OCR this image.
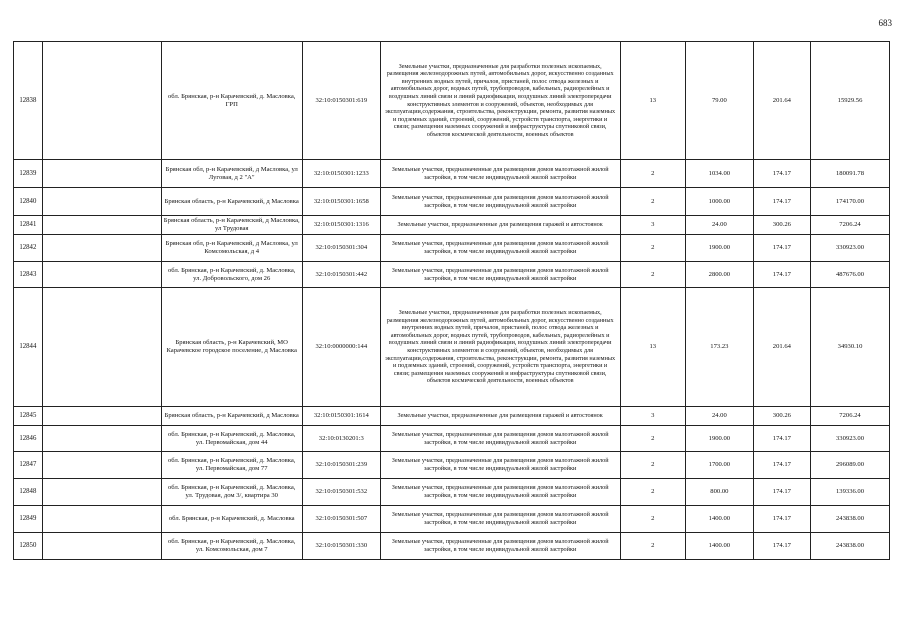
683
12838		обл. Брянская, р-н Карачевский, д. Масловка, ГРП	32:10:0150301:619	Земельные участки, предназначенные для разработки полезных ископаемых, размещения железнодорожных путей, автомобильных дорог, искусственно созданных внутренних водных путей, причалов, пристаней, полос отвода железных и автомобильных дорог, водных путей, трубопроводов, кабельных, радиорелейных и воздушных линий связи и линий радиофикации, воздушных линий электропередачи конструктивных элементов и сооружений, объектов, необходимых для эксплуатации,содержания, строительства, реконструкции, ремонта, развития наземных и подземных зданий, строений, сооружений, устройств транспорта, энергетики и связи; размещения наземных сооружений и инфраструктуры спутниковой связи, объектов космической деятельности, военных объектов	13	79.00	201.64	15929.56
12839		Брянская обл, р-н Карачевский, д Масловка, ул Луговая, д 2 "А"	32:10:0150301:1233	Земельные участки, предназначенные для размещения домов малоэтажной жилой застройки, в том числе индивидуальной жилой застройки	2	1034.00	174.17	180091.78
12840		Брянская область, р-н Карачевский, д Масловка	32:10:0150301:1658	Земельные участки, предназначенные для размещения домов малоэтажной жилой застройки, в том числе индивидуальной жилой застройки	2	1000.00	174.17	174170.00
12841		Брянская область, р-н Карачевский, д Масловка, ул Трудовая	32:10:0150301:1316	Земельные участки, предназначенные для размещения гаражей и автостоянок	3	24.00	300.26	7206.24
12842		Брянская обл, р-н Карачевский, д Масловка, ул Комсомольская, д 4	32:10:0150301:304	Земельные участки, предназначенные для размещения домов малоэтажной жилой застройки, в том числе индивидуальной жилой застройки	2	1900.00	174.17	330923.00
12843		обл. Брянская, р-н Карачевский, д. Масловка, ул. Добровольского, дом 26	32:10:0150301:442	Земельные участки, предназначенные для размещения домов малоэтажной жилой застройки, в том числе индивидуальной жилой застройки	2	2800.00	174.17	487676.00
12844		Брянская область, р-н Карачевский, МО Карачевское городское поселение, д Масловка	32:10:0000000:144	Земельные участки, предназначенные для разработки полезных ископаемых, размещения железнодорожных путей, автомобильных дорог, искусственно созданных внутренних водных путей, причалов, пристаней, полос отвода железных и автомобильных дорог, водных путей, трубопроводов, кабельных, радиорелейных и воздушных линий связи и линий радиофикации, воздушных линий электропередачи конструктивных элементов и сооружений, объектов, необходимых для эксплуатации,содержания, строительства, реконструкции, ремонта, развития наземных и подземных зданий, строений, сооружений, устройств транспорта, энергетики и связи; размещения наземных сооружений и инфраструктуры спутниковой связи, объектов космической деятельности, военных объектов	13	173.23	201.64	34930.10
12845		Брянская область, р-н Карачевский, д Масловка	32:10:0150301:1614	Земельные участки, предназначенные для размещения гаражей и автостоянок	3	24.00	300.26	7206.24
12846		обл. Брянская, р-н Карачевский, д. Масловка, ул. Первомайская, дом 44	32:10:0130201:3	Земельные участки, предназначенные для размещения домов малоэтажной жилой застройки, в том числе индивидуальной жилой застройки	2	1900.00	174.17	330923.00
12847		обл. Брянская, р-н Карачевский, д. Масловка, ул. Первомайская, дом 77	32:10:0150301:239	Земельные участки, предназначенные для размещения домов малоэтажной жилой застройки, в том числе индивидуальной жилой застройки	2	1700.00	174.17	296089.00
12848		обл. Брянская, р-н Карачевский, д. Масловка, ул. Трудовая, дом 3/, квартира 30	32:10:0150301:532	Земельные участки, предназначенные для размещения домов малоэтажной жилой застройки, в том числе индивидуальной жилой застройки	2	800.00	174.17	139336.00
12849		обл. Брянская, р-н Карачевский, д. Масловка	32:10:0150301:507	Земельные участки, предназначенные для размещения домов малоэтажной жилой застройки, в том числе индивидуальной жилой застройки	2	1400.00	174.17	243838.00
12850		обл. Брянская, р-н Карачевский, д. Масловка, ул. Комсомольская, дом 7	32:10:0150301:330	Земельные участки, предназначенные для размещения домов малоэтажной жилой застройки, в том числе индивидуальной жилой застройки	2	1400.00	174.17	243838.00
